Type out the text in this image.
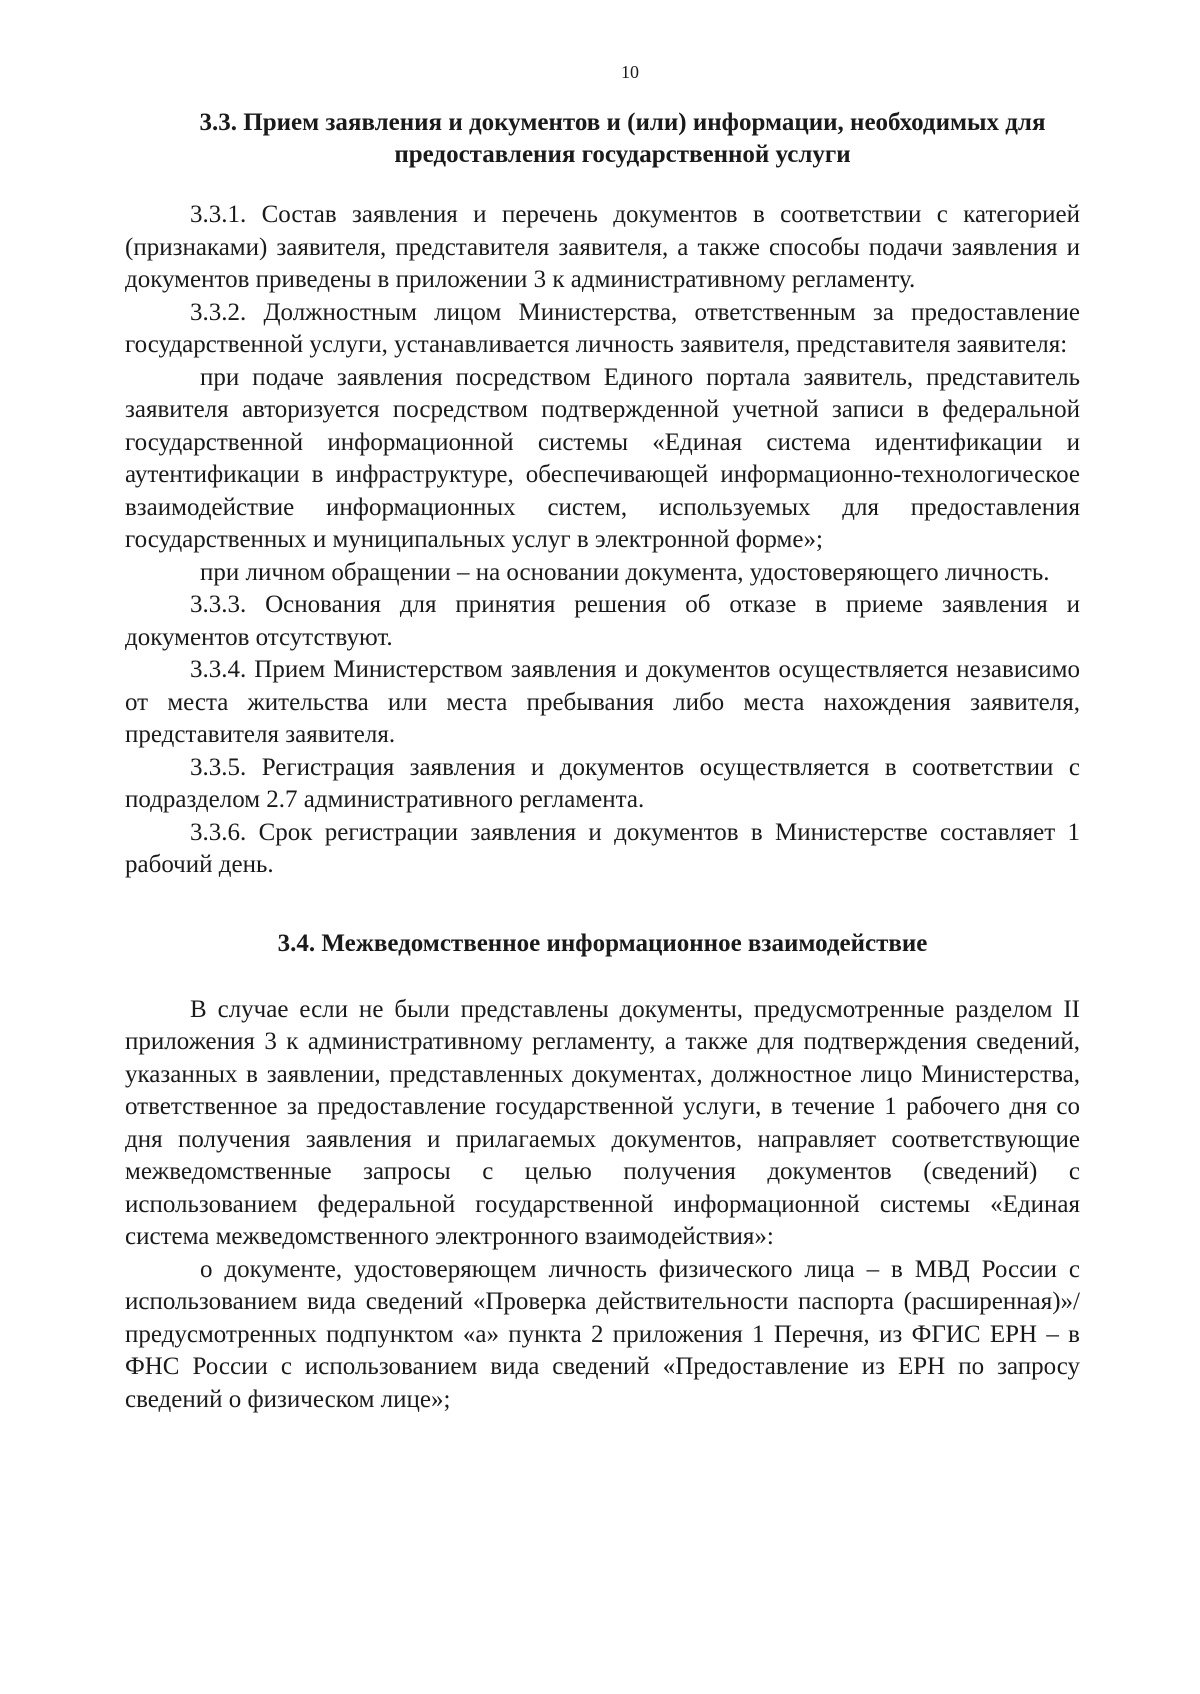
10
3.3. Прием заявления и документов и (или) информации, необходимых для предоставления государственной услуги

3.3.1. Состав заявления и перечень документов в соответствии с категорией (признаками) заявителя, представителя заявителя, а также способы подачи заявления и документов приведены в приложении 3 к административному регламенту.

3.3.2. Должностным лицом Министерства, ответственным за предоставление государственной услуги, устанавливается личность заявителя, представителя заявителя:

при подаче заявления посредством Единого портала заявитель, представитель заявителя авторизуется посредством подтвержденной учетной записи в федеральной государственной информационной системы «Единая система идентификации и аутентификации в инфраструктуре, обеспечивающей информационно-технологическое взаимодействие информационных систем, используемых для предоставления государственных и муниципальных услуг в электронной форме»;

при личном обращении – на основании документа, удостоверяющего личность.

3.3.3. Основания для принятия решения об отказе в приеме заявления и документов отсутствуют.

3.3.4. Прием Министерством заявления и документов осуществляется независимо от места жительства или места пребывания либо места нахождения заявителя, представителя заявителя.

3.3.5. Регистрация заявления и документов осуществляется в соответствии с подразделом 2.7 административного регламента.

3.3.6. Срок регистрации заявления и документов в Министерстве составляет 1 рабочий день.

3.4. Межведомственное информационное взаимодействие

В случае если не были представлены документы, предусмотренные разделом II приложения 3 к административному регламенту, а также для подтверждения сведений, указанных в заявлении, представленных документах, должностное лицо Министерства, ответственное за предоставление государственной услуги, в течение 1 рабочего дня со дня получения заявления и прилагаемых документов, направляет соответствующие межведомственные запросы с целью получения документов (сведений) с использованием федеральной государственной информационной системы «Единая система межведомственного электронного взаимодействия»:

о документе, удостоверяющем личность физического лица – в МВД России с использованием вида сведений «Проверка действительности паспорта (расширенная)»/предусмотренных подпунктом «а» пункта 2 приложения 1 Перечня, из ФГИС ЕРН – в ФНС России с использованием вида сведений «Предоставление из ЕРН по запросу сведений о физическом лице»;
